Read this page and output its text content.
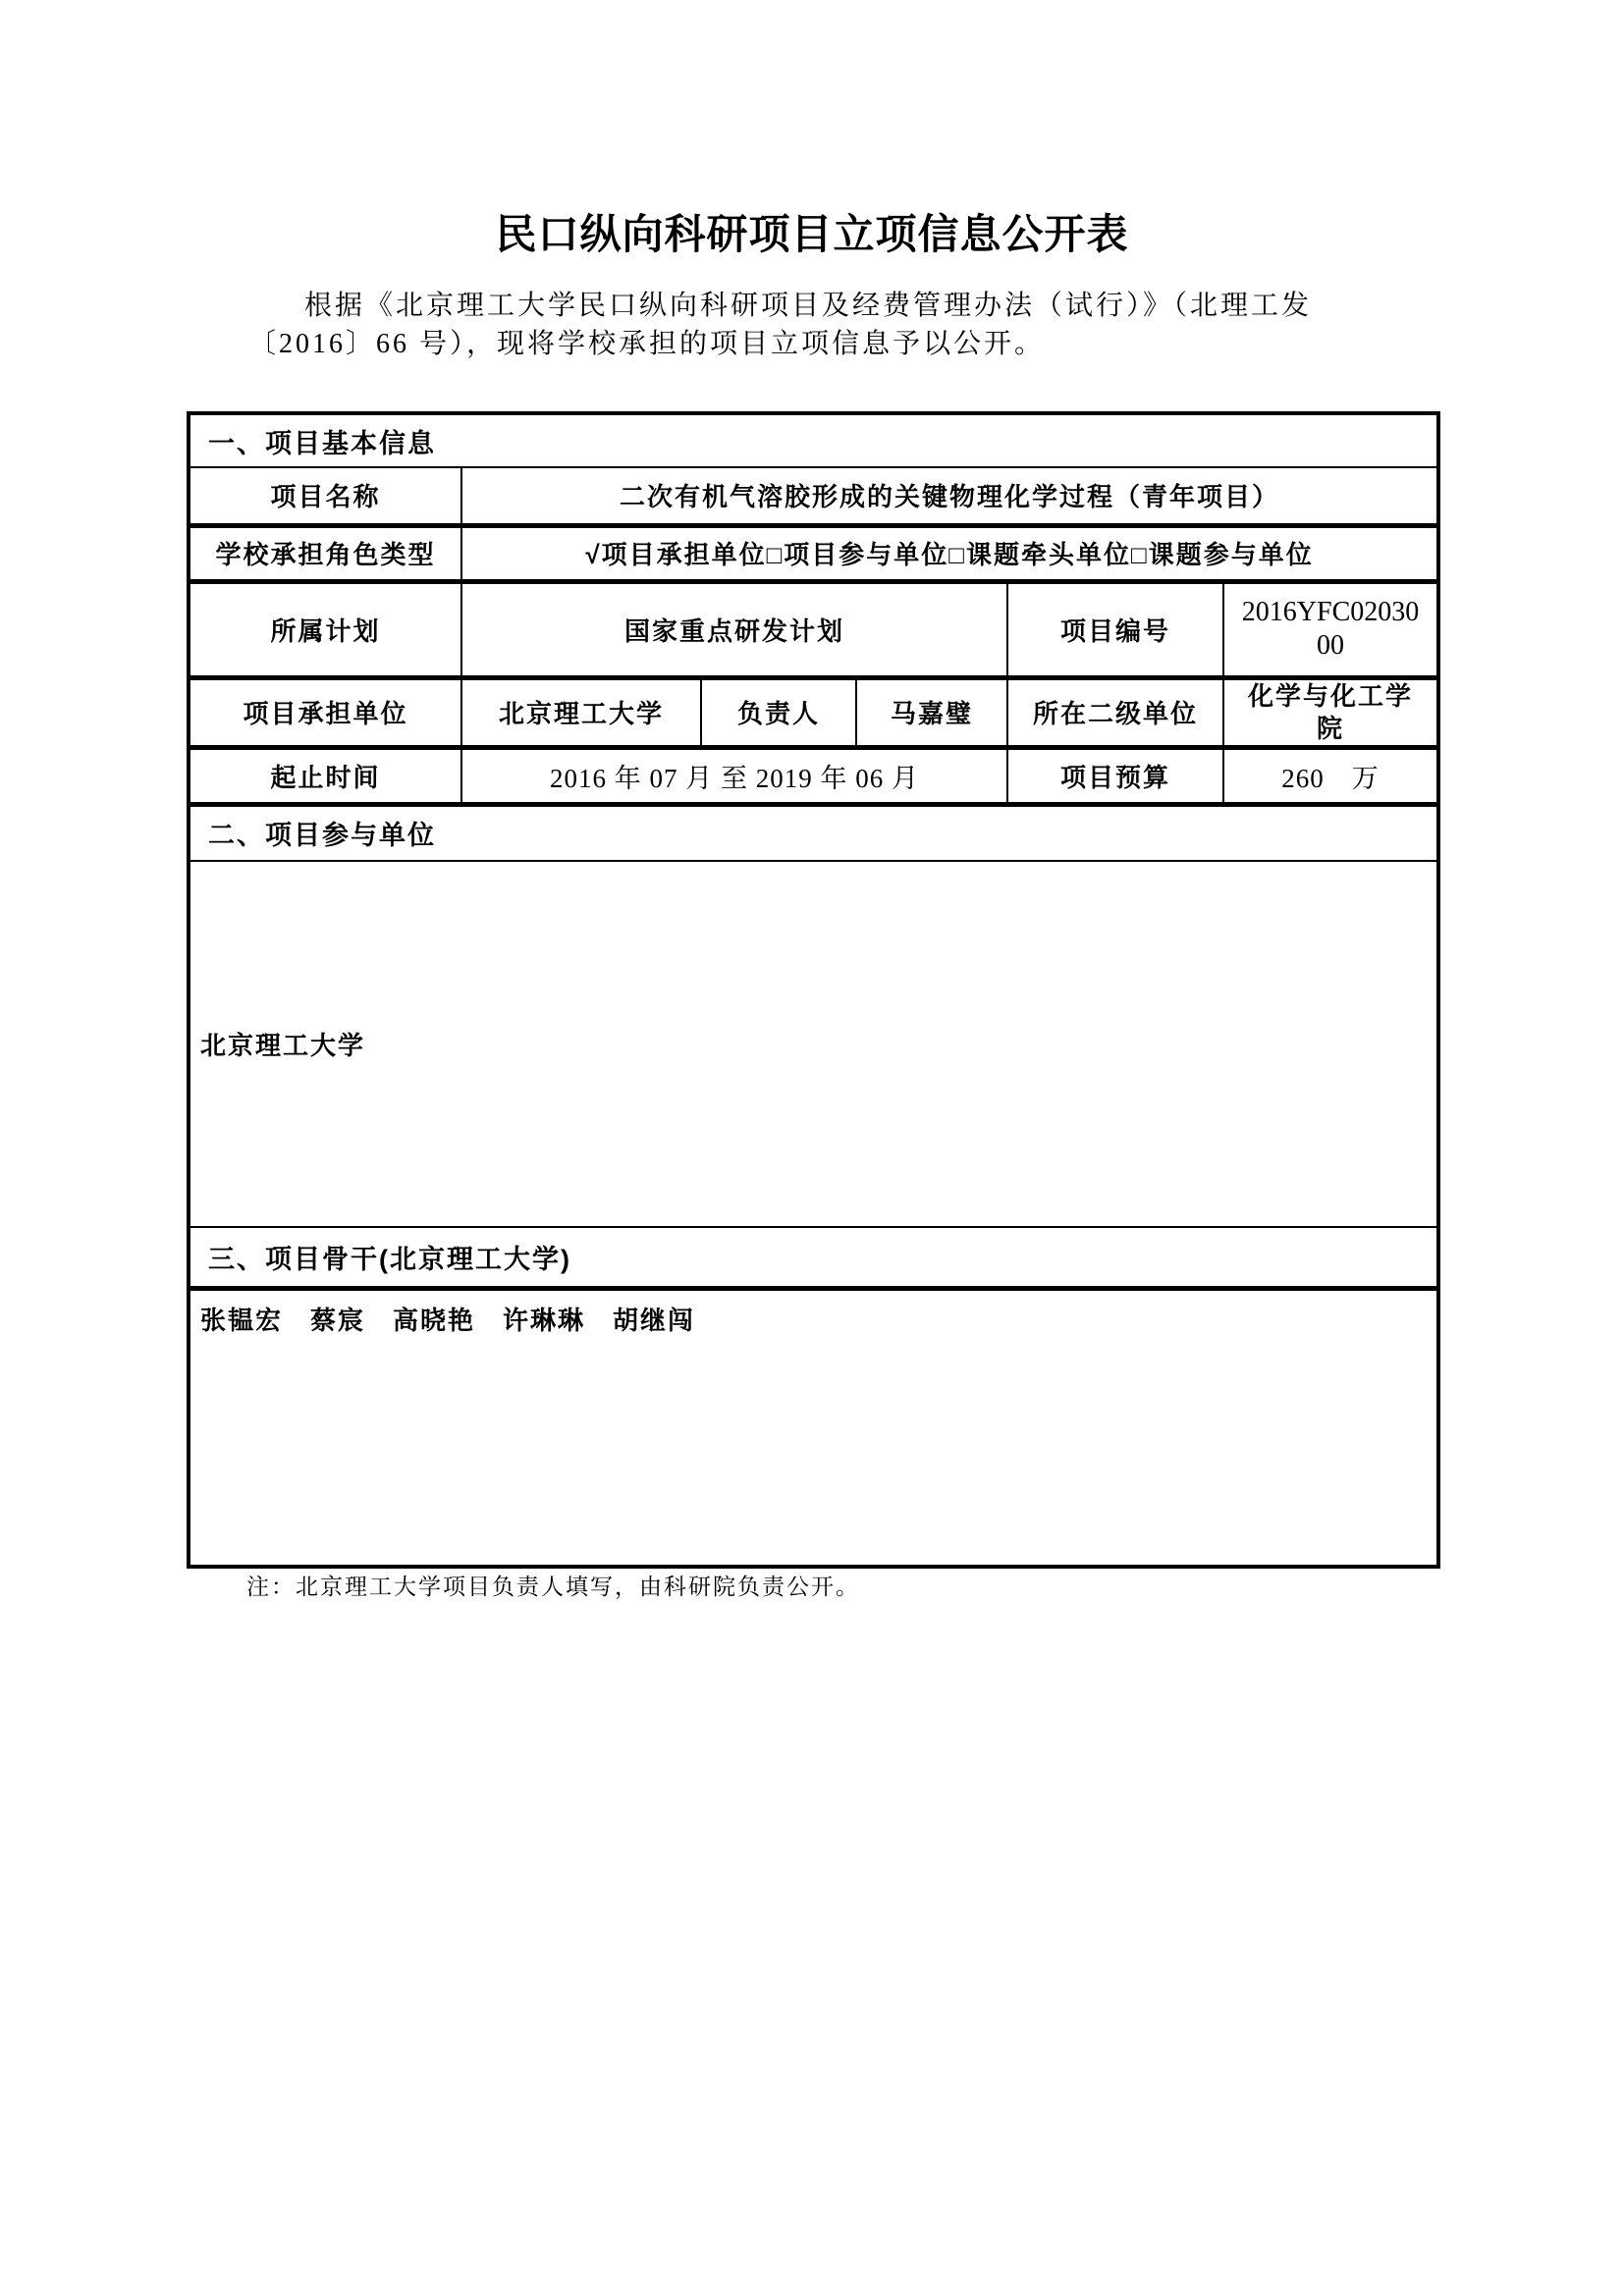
民口纵向科研项目立项信息公开表
根据《北京理工大学民口纵向科研项目及经费管理办法（试行）》（北理工发
〔2016〕66 号），现将学校承担的项目立项信息予以公开。
一、项目基本信息					
项目名称	二次有机气溶胶形成的关键物理化学过程（青年项目）				
学校承担角色类型	√项目承担单位□项目参与单位□课题牵头单位□课题参与单位				
所属计划	国家重点研发计划			项目编号	2016YFC0203000
项目承担单位	北京理工大学	负责人	马嘉璧	所在二级单位	化学与化工学院
起止时间	2016 年 07 月 至 2019 年 06 月			项目预算	260　万
二、项目参与单位					
北京理工大学					
三、项目骨干(北京理工大学)					
张韫宏　蔡宸　高晓艳　许琳琳　胡继闯					
注：北京理工大学项目负责人填写，由科研院负责公开。
